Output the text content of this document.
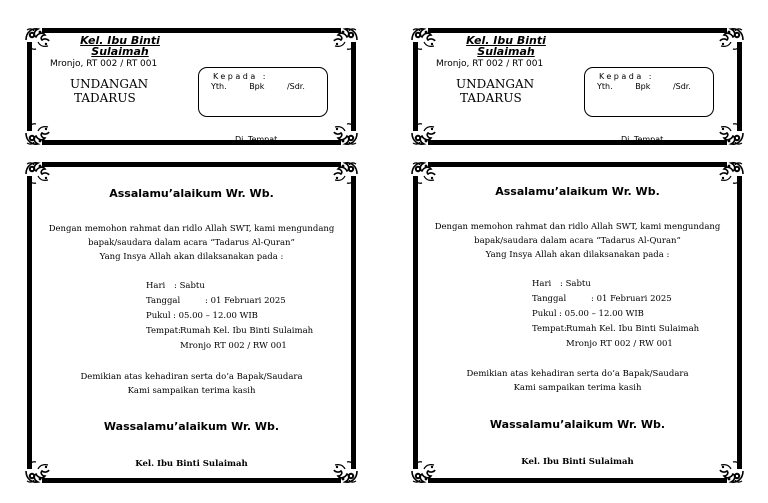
Kel. Ibu Binti Sulaimah
Mronjo, RT 002 / RT 001
UNDANGAN
TADARUS
Kepada :
Yth.	Bpk	/Sdr.
Di Tempat
Kel. Ibu Binti Sulaimah
Mronjo, RT 002 / RT 001
UNDANGAN
TADARUS
Kepada :
Yth.	Bpk	/Sdr.
Di Tempat
Assalamu’alaikum Wr. Wb.
Dengan memohon rahmat dan ridlo Allah SWT, kami mengundang
bapak/saudara dalam acara “Tadarus Al-Quran”
Yang Insya Allah akan dilaksanakan pada :
Hari : Sabtu
Tanggal	: 01 Februari 2025
Pukul : 05.00 – 12.00 WIB
Tempat:Rumah Kel. Ibu Binti Sulaimah
Mronjo RT 002 / RW 001
Demikian atas kehadiran serta do’a Bapak/Saudara
Kami sampaikan terima kasih
Wassalamu’alaikum Wr. Wb.
Kel. Ibu Binti Sulaimah
Assalamu’alaikum Wr. Wb.
Dengan memohon rahmat dan ridlo Allah SWT, kami mengundang
bapak/saudara dalam acara “Tadarus Al-Quran”
Yang Insya Allah akan dilaksanakan pada :
Hari : Sabtu
Tanggal	: 01 Februari 2025
Pukul : 05.00 – 12.00 WIB
Tempat:Rumah Kel. Ibu Binti Sulaimah
Mronjo RT 002 / RW 001
Demikian atas kehadiran serta do’a Bapak/Saudara
Kami sampaikan terima kasih
Wassalamu’alaikum Wr. Wb.
Kel. Ibu Binti Sulaimah
